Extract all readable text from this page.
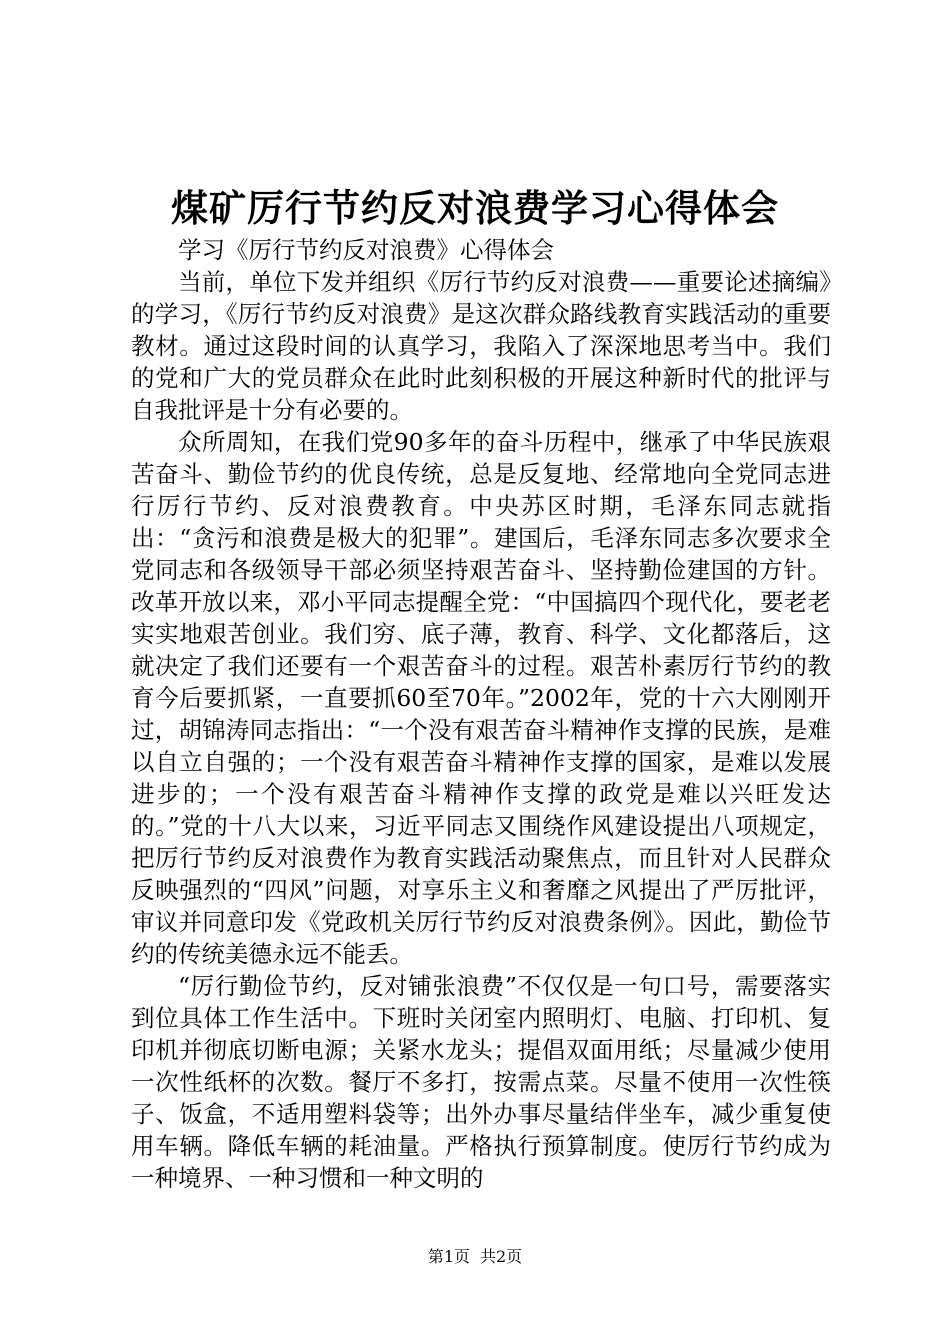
煤矿厉行节约反对浪费学习心得体会

学习《厉行节约反对浪费》心得体会

当前，单位下发并组织《厉行节约反对浪费——重要论述摘编》的学习，《厉行节约反对浪费》是这次群众路线教育实践活动的重要教材。通过这段时间的认真学习，我陷入了深深地思考当中。我们的党和广大的党员群众在此时此刻积极的开展这种新时代的批评与自我批评是十分有必要的。

众所周知，在我们党90多年的奋斗历程中，继承了中华民族艰苦奋斗、勤俭节约的优良传统，总是反复地、经常地向全党同志进行厉行节约、反对浪费教育。中央苏区时期，毛泽东同志就指出：“贪污和浪费是极大的犯罪”。建国后，毛泽东同志多次要求全党同志和各级领导干部必须坚持艰苦奋斗、坚持勤俭建国的方针。改革开放以来，邓小平同志提醒全党：“中国搞四个现代化，要老老实实地艰苦创业。我们穷、底子薄，教育、科学、文化都落后，这就决定了我们还要有一个艰苦奋斗的过程。艰苦朴素厉行节约的教育今后要抓紧，一直要抓60至70年。”2002年，党的十六大刚刚开过，胡锦涛同志指出：“一个没有艰苦奋斗精神作支撑的民族，是难以自立自强的；一个没有艰苦奋斗精神作支撑的国家，是难以发展进步的；一个没有艰苦奋斗精神作支撑的政党是难以兴旺发达的。”党的十八大以来，习近平同志又围绕作风建设提出八项规定，把厉行节约反对浪费作为教育实践活动聚焦点，而且针对人民群众反映强烈的“四风”问题，对享乐主义和奢靡之风提出了严厉批评，审议并同意印发《党政机关厉行节约反对浪费条例》。因此，勤俭节约的传统美德永远不能丢。

“厉行勤俭节约，反对铺张浪费”不仅仅是一句口号，需要落实到位具体工作生活中。下班时关闭室内照明灯、电脑、打印机、复印机并彻底切断电源；关紧水龙头；提倡双面用纸；尽量减少使用一次性纸杯的次数。餐厅不多打，按需点菜。尽量不使用一次性筷子、饭盒，不适用塑料袋等；出外办事尽量结伴坐车，减少重复使用车辆。降低车辆的耗油量。严格执行预算制度。使厉行节约成为一种境界、一种习惯和一种文明的

第1页 共2页
